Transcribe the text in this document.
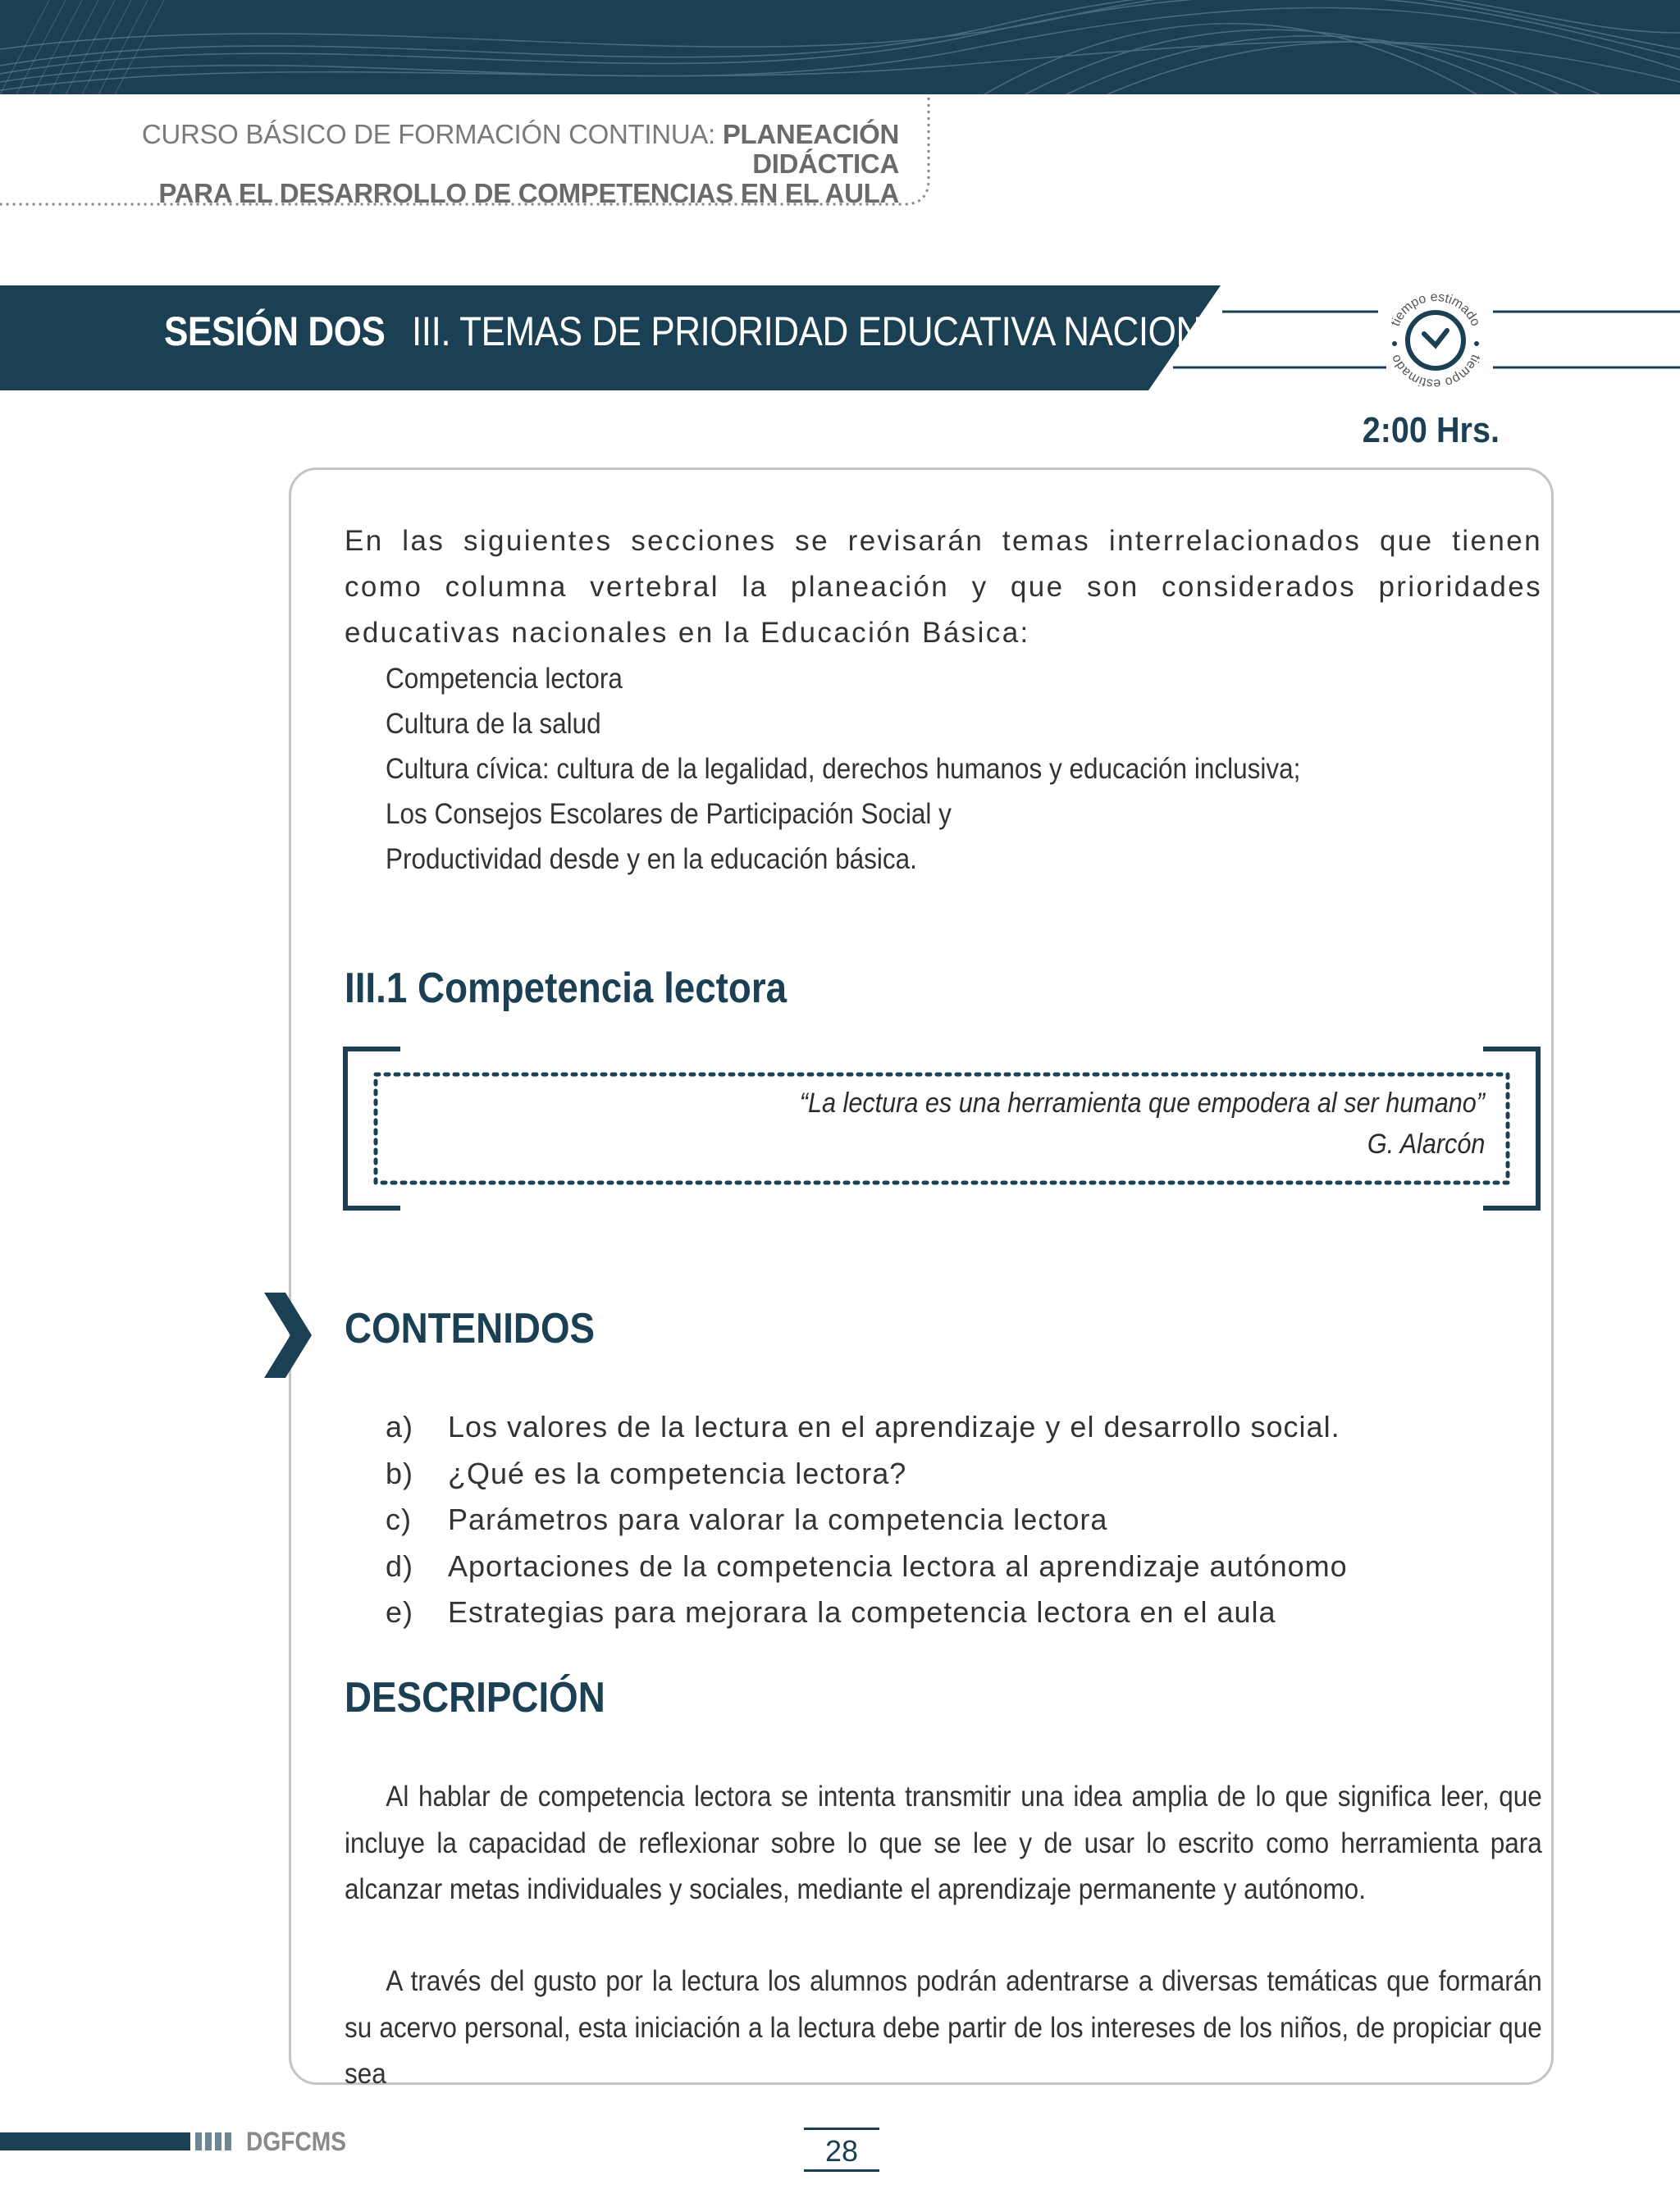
CURSO BÁSICO DE FORMACIÓN CONTINUA: PLANEACIÓN DIDÁCTICA
PARA EL DESARROLLO DE COMPETENCIAS EN EL AULA
SESIÓN DOS III. TEMAS DE PRIORIDAD EDUCATIVA NACIONAL	tiempo estimado
tiempo estimado
2:00 Hrs.
En las siguientes secciones se revisarán temas interrelacionados que tienen como columna vertebral la planeación y que son considerados prioridades educativas nacionales en la Educación Básica:
Competencia lectora
Cultura de la salud
Cultura cívica: cultura de la legalidad, derechos humanos y educación inclusiva;
Los Consejos Escolares de Participación Social y
Productividad desde y en la educación básica.
III.1 Competencia lectora
“La lectura es una herramienta que empodera al ser humano”
G. Alarcón
CONTENIDOS
a)	Los valores de la lectura en el aprendizaje y el desarrollo social.
b)	¿Qué es la competencia lectora?
c)	Parámetros para valorar la competencia lectora
d)	Aportaciones de la competencia lectora al aprendizaje autónomo
e)	Estrategias para mejorara la competencia lectora en el aula
DESCRIPCIÓN
Al hablar de competencia lectora se intenta transmitir una idea amplia de lo que significa leer, que incluye la capacidad de reflexionar sobre lo que se lee y de usar lo escrito como herramienta para alcanzar metas individuales y sociales, mediante el aprendizaje permanente y autónomo.
A través del gusto por la lectura los alumnos podrán adentrarse a diversas temáticas que formarán su acervo personal, esta iniciación a la lectura debe partir de los intereses de los niños, de propiciar que sea
DGFCMS	28
